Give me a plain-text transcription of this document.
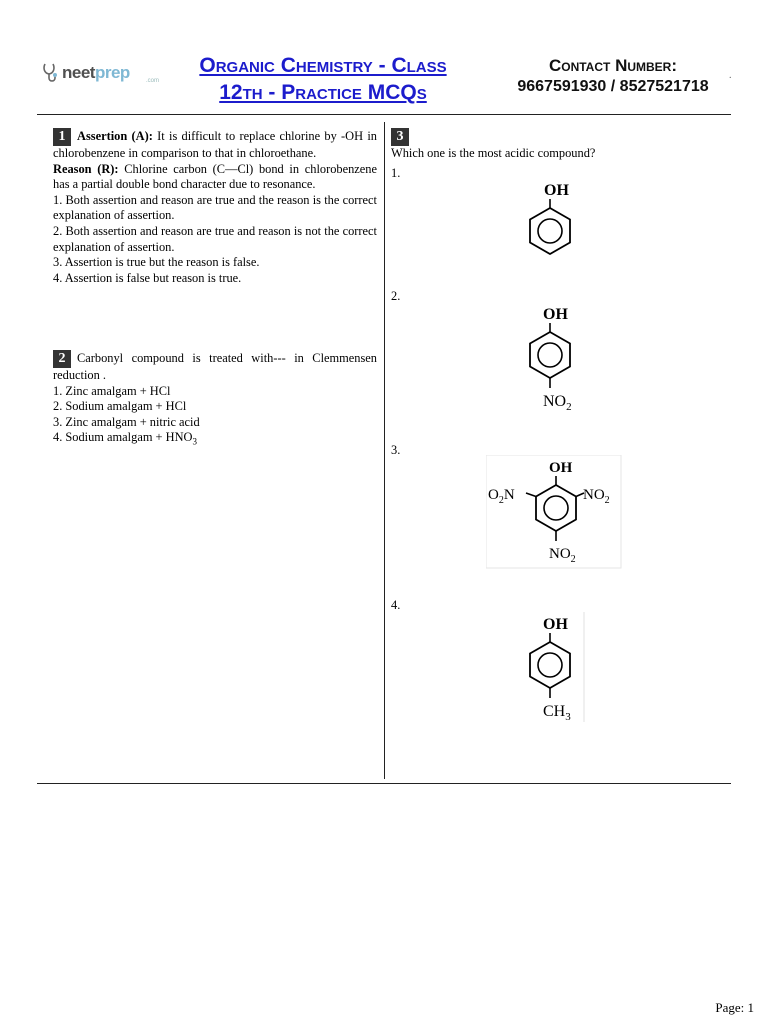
neet prep	.com
Organic Chemistry - Class
12th - Practice MCQs
Contact Number:
9667591930 / 8527521718
.

1 Assertion (A): It is difficult to replace chlorine by -OH in chlorobenzene in comparison to that in chloroethane.

Reason (R): Chlorine carbon (C—Cl) bond in chlorobenzene has a partial double bond character due to resonance.

1. Both assertion and reason are true and the reason is the correct explanation of assertion.

2. Both assertion and reason are true and reason is not the correct explanation of assertion.

3. Assertion is true but the reason is false.

4. Assertion is false but reason is true.

2 Carbonyl compound is treated with--- in Clemmensen reduction .

1. Zinc amalgam + HCl

2. Sodium amalgam + HCl

3. Zinc amalgam + nitric acid

4. Sodium amalgam + $HNO_3$

3

Which one is the most acidic compound?

1.
2.
3.
4.
OH
OH
$NO_2$
OH
$O_2N$	$NO_2$
$NO_2$
OH
$CH_3$
Page: 1
